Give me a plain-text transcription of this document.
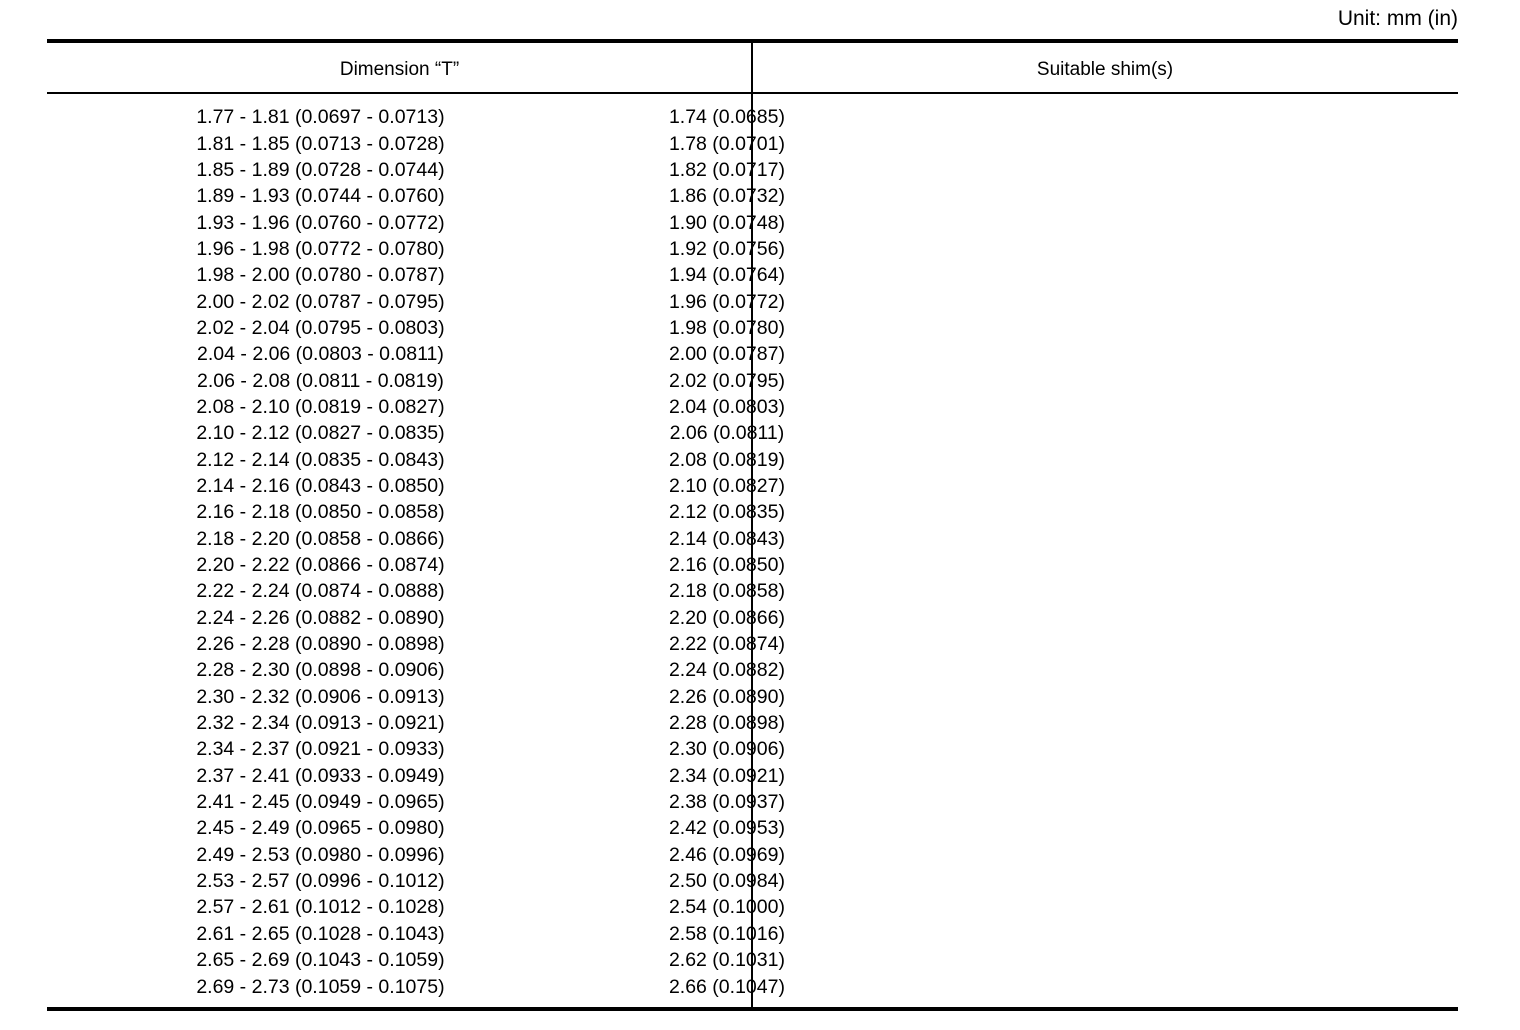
Unit: mm (in)
Dimension “T”	Suitable shim(s)
1.77 - 1.81 (0.0697 - 0.0713)	1.74 (0.0685)
1.81 - 1.85 (0.0713 - 0.0728)	1.78 (0.0701)
1.85 - 1.89 (0.0728 - 0.0744)	1.82 (0.0717)
1.89 - 1.93 (0.0744 - 0.0760)	1.86 (0.0732)
1.93 - 1.96 (0.0760 - 0.0772)	1.90 (0.0748)
1.96 - 1.98 (0.0772 - 0.0780)	1.92 (0.0756)
1.98 - 2.00 (0.0780 - 0.0787)	1.94 (0.0764)
2.00 - 2.02 (0.0787 - 0.0795)	1.96 (0.0772)
2.02 - 2.04 (0.0795 - 0.0803)	1.98 (0.0780)
2.04 - 2.06 (0.0803 - 0.0811)	2.00 (0.0787)
2.06 - 2.08 (0.0811 - 0.0819)	2.02 (0.0795)
2.08 - 2.10 (0.0819 - 0.0827)	2.04 (0.0803)
2.10 - 2.12 (0.0827 - 0.0835)	2.06 (0.0811)
2.12 - 2.14 (0.0835 - 0.0843)	2.08 (0.0819)
2.14 - 2.16 (0.0843 - 0.0850)	2.10 (0.0827)
2.16 - 2.18 (0.0850 - 0.0858)	2.12 (0.0835)
2.18 - 2.20 (0.0858 - 0.0866)	2.14 (0.0843)
2.20 - 2.22 (0.0866 - 0.0874)	2.16 (0.0850)
2.22 - 2.24 (0.0874 - 0.0888)	2.18 (0.0858)
2.24 - 2.26 (0.0882 - 0.0890)	2.20 (0.0866)
2.26 - 2.28 (0.0890 - 0.0898)	2.22 (0.0874)
2.28 - 2.30 (0.0898 - 0.0906)	2.24 (0.0882)
2.30 - 2.32 (0.0906 - 0.0913)	2.26 (0.0890)
2.32 - 2.34 (0.0913 - 0.0921)	2.28 (0.0898)
2.34 - 2.37 (0.0921 - 0.0933)	2.30 (0.0906)
2.37 - 2.41 (0.0933 - 0.0949)	2.34 (0.0921)
2.41 - 2.45 (0.0949 - 0.0965)	2.38 (0.0937)
2.45 - 2.49 (0.0965 - 0.0980)	2.42 (0.0953)
2.49 - 2.53 (0.0980 - 0.0996)	2.46 (0.0969)
2.53 - 2.57 (0.0996 - 0.1012)	2.50 (0.0984)
2.57 - 2.61 (0.1012 - 0.1028)	2.54 (0.1000)
2.61 - 2.65 (0.1028 - 0.1043)	2.58 (0.1016)
2.65 - 2.69 (0.1043 - 0.1059)	2.62 (0.1031)
2.69 - 2.73 (0.1059 - 0.1075)	2.66 (0.1047)
